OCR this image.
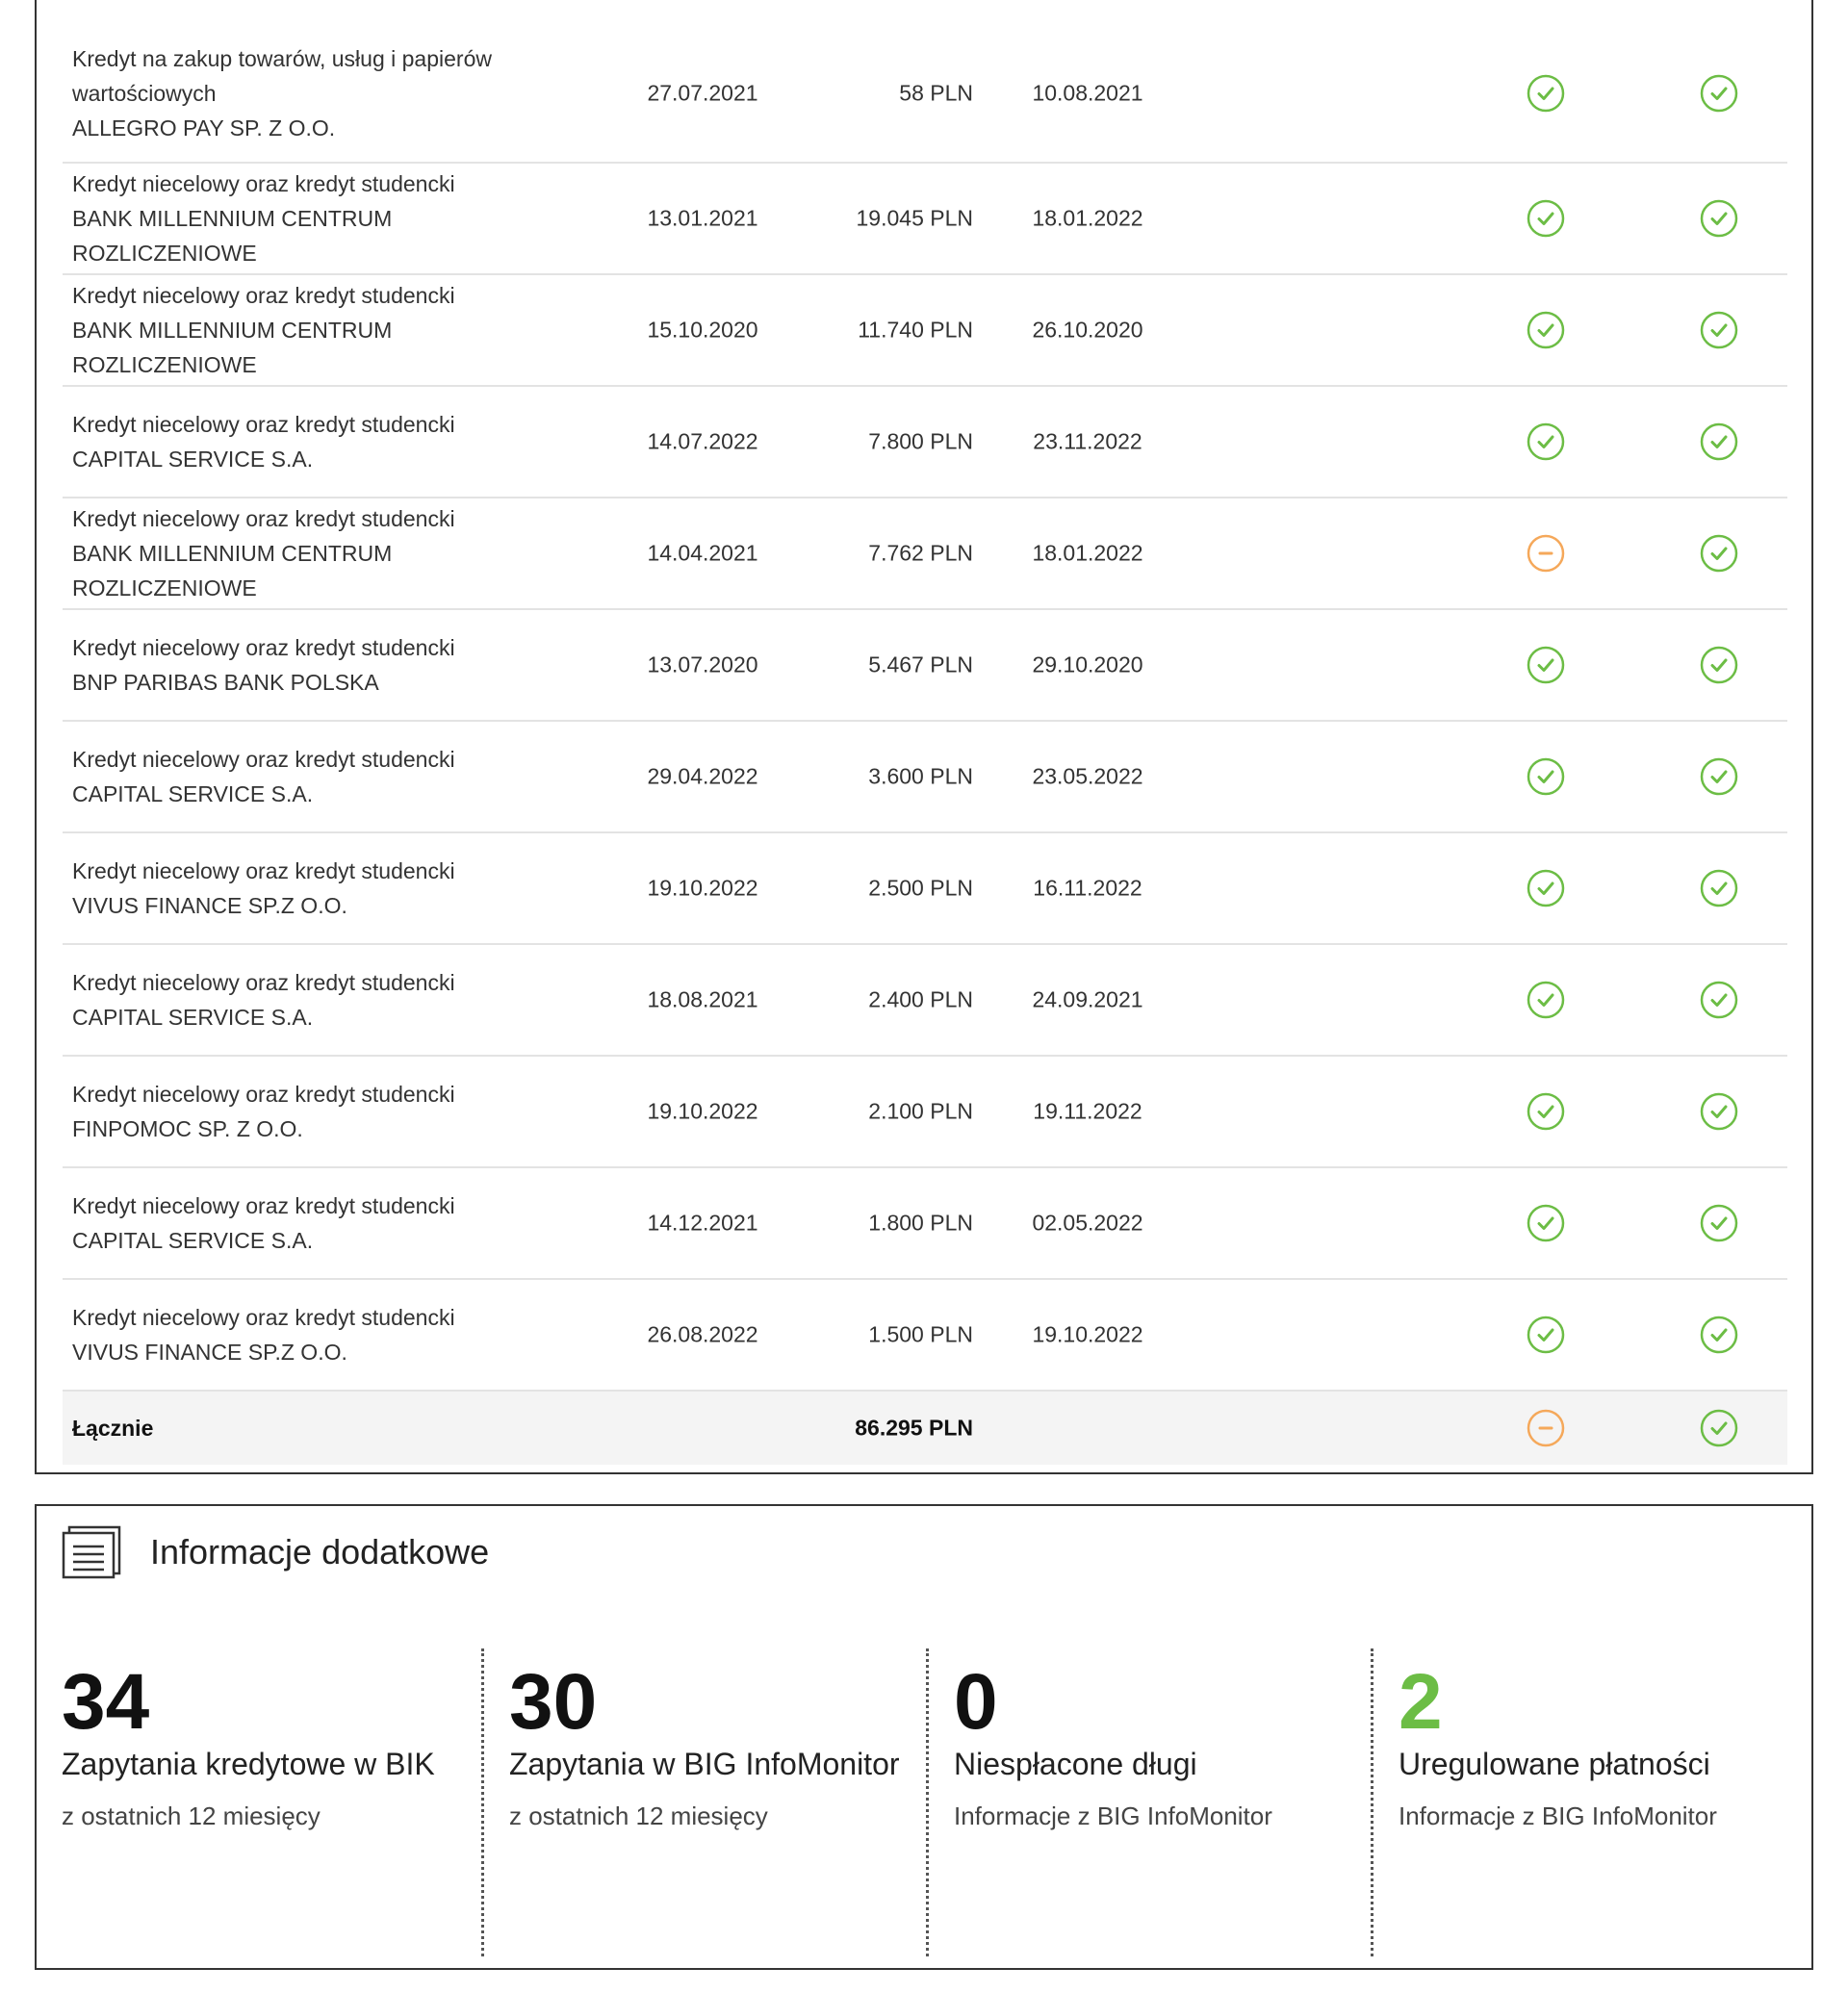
Kredyt na zakup towarów, usług i papierów
wartościowych
ALLEGRO PAY SP. Z O.O.
27.07.2021	58 PLN	10.08.2021
Kredyt niecelowy oraz kredyt studencki
BANK MILLENNIUM CENTRUM ROZLICZENIOWE
13.01.2021	19.045 PLN	18.01.2022
Kredyt niecelowy oraz kredyt studencki
BANK MILLENNIUM CENTRUM ROZLICZENIOWE
15.10.2020	11.740 PLN	26.10.2020
Kredyt niecelowy oraz kredyt studencki
CAPITAL SERVICE S.A.
14.07.2022	7.800 PLN	23.11.2022
Kredyt niecelowy oraz kredyt studencki
BANK MILLENNIUM CENTRUM ROZLICZENIOWE
14.04.2021	7.762 PLN	18.01.2022
Kredyt niecelowy oraz kredyt studencki
BNP PARIBAS BANK POLSKA
13.07.2020	5.467 PLN	29.10.2020
Kredyt niecelowy oraz kredyt studencki
CAPITAL SERVICE S.A.
29.04.2022	3.600 PLN	23.05.2022
Kredyt niecelowy oraz kredyt studencki
VIVUS FINANCE SP.Z O.O.
19.10.2022	2.500 PLN	16.11.2022
Kredyt niecelowy oraz kredyt studencki
CAPITAL SERVICE S.A.
18.08.2021	2.400 PLN	24.09.2021
Kredyt niecelowy oraz kredyt studencki
FINPOMOC SP. Z O.O.
19.10.2022	2.100 PLN	19.11.2022
Kredyt niecelowy oraz kredyt studencki
CAPITAL SERVICE S.A.
14.12.2021	1.800 PLN	02.05.2022
Kredyt niecelowy oraz kredyt studencki
VIVUS FINANCE SP.Z O.O.
26.08.2022	1.500 PLN	19.10.2022
Łącznie	86.295 PLN
Informacje dodatkowe
34
Zapytania kredytowe w BIK
z ostatnich 12 miesięcy
30
Zapytania w BIG InfoMonitor
z ostatnich 12 miesięcy
0
Niespłacone długi
Informacje z BIG InfoMonitor
2
Uregulowane płatności
Informacje z BIG InfoMonitor
